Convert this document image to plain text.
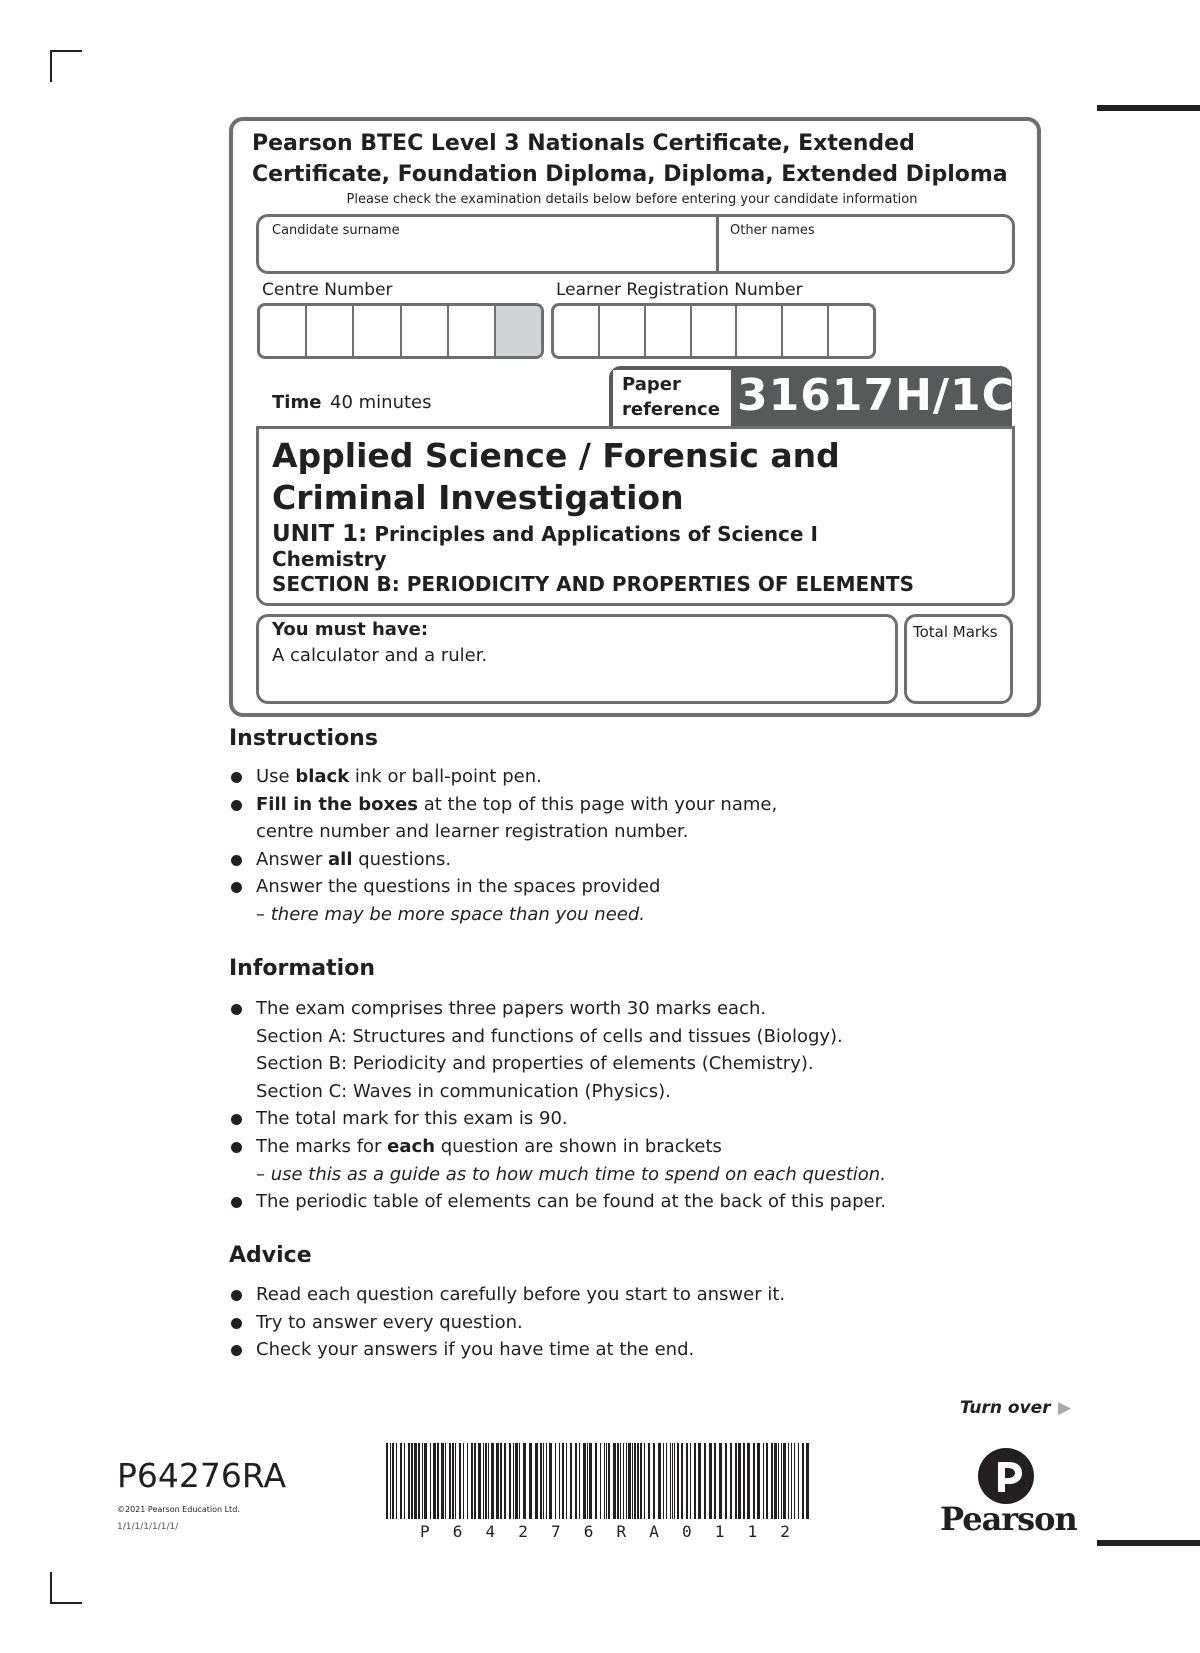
Pearson BTEC Level 3 Nationals Certificate, Extended Certificate, Foundation Diploma, Diploma, Extended Diploma
Please check the examination details below before entering your candidate information
Candidate surname	Other names
Centre Number	Learner Registration Number
Time 40 minutes
Paper
reference 31617H/1C
Applied Science / Forensic and Criminal Investigation
UNIT 1: Principles and Applications of Science I
Chemistry
SECTION B: PERIODICITY AND PROPERTIES OF ELEMENTS
You must have:
A calculator and a ruler.
Total Marks
Instructions
Use black ink or ball-point pen.
Fill in the boxes at the top of this page with your name,
centre number and learner registration number.
Answer all questions.
Answer the questions in the spaces provided
– there may be more space than you need.
Information
The exam comprises three papers worth 30 marks each.
Section A: Structures and functions of cells and tissues (Biology).
Section B: Periodicity and properties of elements (Chemistry).
Section C: Waves in communication (Physics).
The total mark for this exam is 90.
The marks for each question are shown in brackets
– use this as a guide as to how much time to spend on each question.
The periodic table of elements can be found at the back of this paper.
Advice
Read each question carefully before you start to answer it.
Try to answer every question.
Check your answers if you have time at the end.
Turn over ▶
P64276RA
©2021 Pearson Education Ltd.
1/1/1/1/1/1/1/	P 6 4 2 7 6 R A 0 1 1 2	Pearson
